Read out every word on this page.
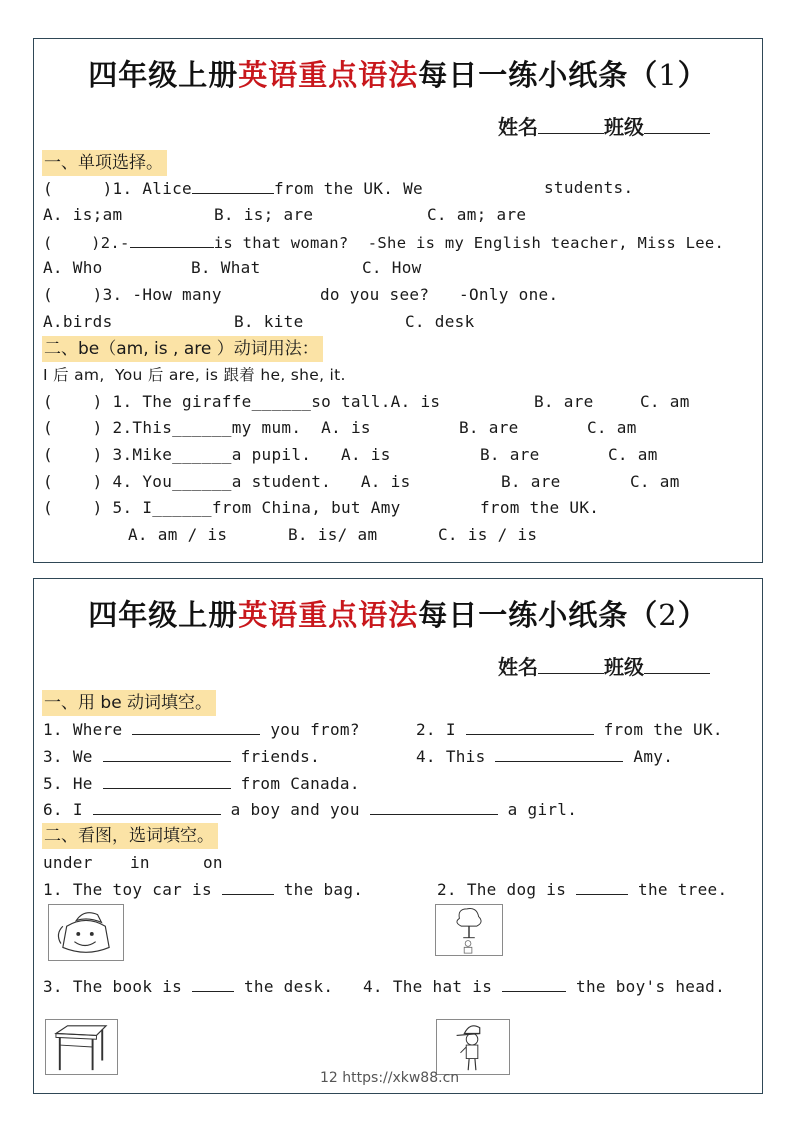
四年级上册英语重点语法每日一练小纸条（1）
姓名	班级
一、单项选择。
(     )1. Alice	from the UK. We	students.
A. is;am	B. is; are	C. am; are
(    )2.-	is that woman?  -She is my English teacher, Miss Lee.
A. Who	B. What	C. How
(    )3. -How many	do you see?   -Only one.
A.birds	B. kite	C. desk
二、be（am, is , are ）动词用法：
I 后 am,  You 后 are, is 跟着 he, she, it.
(    ) 1. The giraffe______so tall.A. is	B. are	C. am
(    ) 2.This______my mum.  A. is	B. are	C. am
(    ) 3.Mike______a pupil.   A. is	B. are	C. am
(    ) 4. You______a student.   A. is	B. are	C. am
(    ) 5. I______from China, but Amy	from the UK.
A. am / is	B. is/ am	C. is / is
四年级上册英语重点语法每日一练小纸条（2）
姓名	班级
一、用 be 动词填空。
1. Where	you from?	2. I	from the UK.
3. We	friends.	4. This	Amy.
5. He	from Canada.
6. I	a boy and you	a girl.
二、看图，选词填空。
under in	on
1. The toy car is	the bag.	2. The dog is	the tree.
3. The book is	the desk. 4. The hat is	the boy's head.
12 https://xkw88.cn
